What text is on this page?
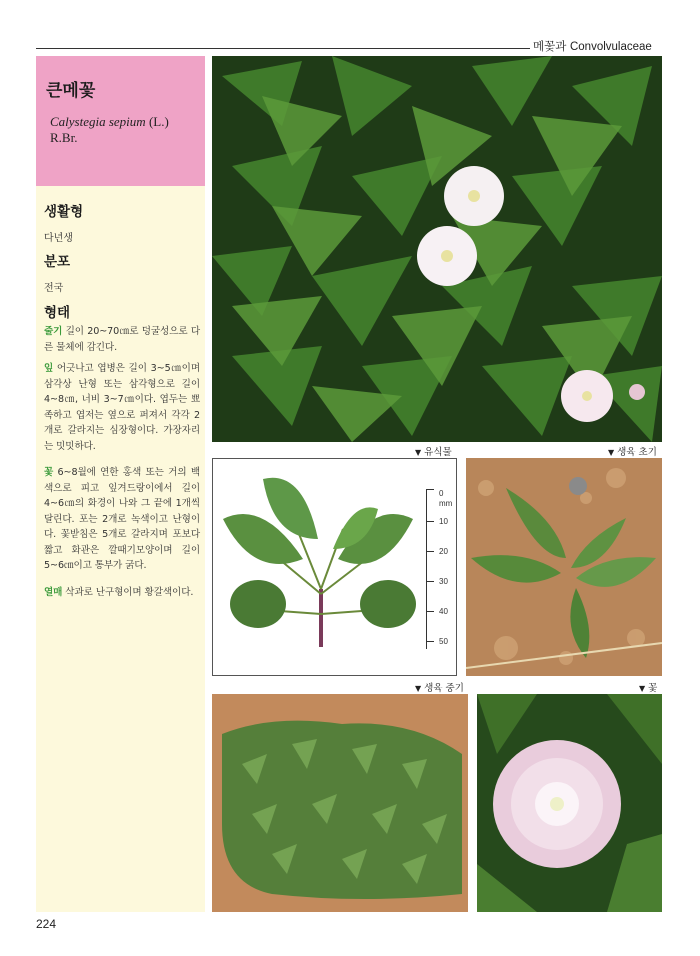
메꽃과 Convolvulaceae
큰메꽃
Calystegia sepium (L.) R.Br.
생활형
다년생
분포
전국
형태
줄기 길이 20~70㎝로 덩굴성으로 다른 물체에 감긴다.
잎 어긋나고 엽병은 길이 3~5㎝이며 삼각상 난형 또는 삼각형으로 길이 4~8㎝, 너비 3~7㎝이다. 엽두는 뾰족하고 엽저는 옆으로 퍼져서 각각 2개로 갈라지는 심장형이다. 가장자리는 밋밋하다.
꽃 6~8월에 연한 홍색 또는 거의 백색으로 피고 잎겨드랑이에서 길이 4~6㎝의 화경이 나와 그 끝에 1개씩 달린다. 포는 2개로 녹색이고 난형이다. 꽃받침은 5개로 갈라지며 포보다 짧고 화관은 깔때기모양이며 길이 5~6㎝이고 통부가 굵다.
열매 삭과로 난구형이며 황갈색이다.
▼ 유식물	▼ 생육 초기
0
mm
10
20
30
40
50
▼ 생육 중기	▼ 꽃
224
